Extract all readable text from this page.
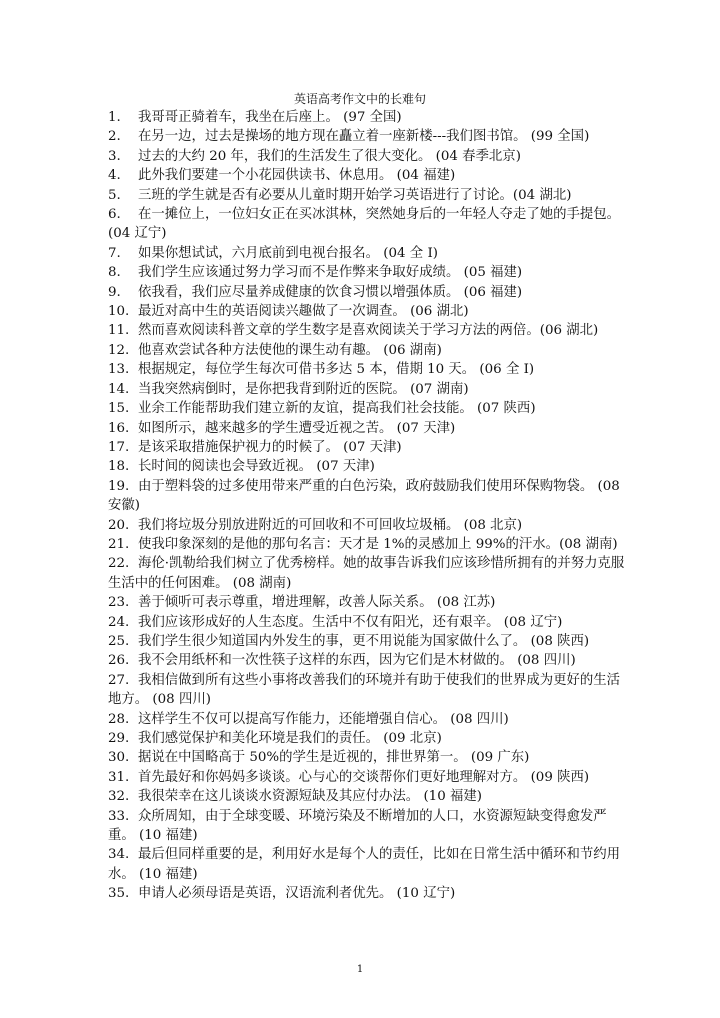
英语高考作文中的长难句
1. 我哥哥正骑着车，我坐在后座上。 (97 全国)
2. 在另一边，过去是操场的地方现在矗立着一座新楼---我们图书馆。 (99 全国)
3. 过去的大约 20 年，我们的生活发生了很大变化。 (04 春季北京)
4. 此外我们要建一个小花园供读书、休息用。 (04 福建)
5. 三班的学生就是否有必要从儿童时期开始学习英语进行了讨论。(04 湖北)
6. 在一摊位上，一位妇女正在买冰淇林，突然她身后的一年轻人夺走了她的手提包。(04 辽宁)
7. 如果你想试试，六月底前到电视台报名。 (04 全 I)
8. 我们学生应该通过努力学习而不是作弊来争取好成绩。 (05 福建)
9. 依我看，我们应尽量养成健康的饮食习惯以增强体质。 (06 福建)
10. 最近对高中生的英语阅读兴趣做了一次调查。 (06 湖北)
11. 然而喜欢阅读科普文章的学生数字是喜欢阅读关于学习方法的两倍。(06 湖北)
12. 他喜欢尝试各种方法使他的课生动有趣。 (06 湖南)
13. 根据规定，每位学生每次可借书多达 5 本，借期 10 天。 (06 全 I)
14. 当我突然病倒时，是你把我背到附近的医院。 (07 湖南)
15. 业余工作能帮助我们建立新的友谊，提高我们社会技能。 (07 陕西)
16. 如图所示，越来越多的学生遭受近视之苦。 (07 天津)
17. 是该采取措施保护视力的时候了。 (07 天津)
18. 长时间的阅读也会导致近视。 (07 天津)
19. 由于塑料袋的过多使用带来严重的白色污染，政府鼓励我们使用环保购物袋。 (08 安徽)
20. 我们将垃圾分别放进附近的可回收和不可回收垃圾桶。 (08 北京)
21. 使我印象深刻的是他的那句名言：天才是 1%的灵感加上 99%的汗水。(08 湖南)
22. 海伦·凯勒给我们树立了优秀榜样。她的故事告诉我们应该珍惜所拥有的并努力克服生活中的任何困难。 (08 湖南)
23. 善于倾听可表示尊重，增进理解，改善人际关系。 (08 江苏)
24. 我们应该形成好的人生态度。生活中不仅有阳光，还有艰辛。 (08 辽宁)
25. 我们学生很少知道国内外发生的事，更不用说能为国家做什么了。 (08 陕西)
26. 我不会用纸杯和一次性筷子这样的东西，因为它们是木材做的。 (08 四川)
27. 我相信做到所有这些小事将改善我们的环境并有助于使我们的世界成为更好的生活地方。 (08 四川)
28. 这样学生不仅可以提高写作能力，还能增强自信心。 (08 四川)
29. 我们感觉保护和美化环境是我们的责任。 (09 北京)
30. 据说在中国略高于 50%的学生是近视的，排世界第一。 (09 广东)
31. 首先最好和你妈妈多谈谈。心与心的交谈帮你们更好地理解对方。 (09 陕西)
32. 我很荣幸在这儿谈谈水资源短缺及其应付办法。 (10 福建)
33. 众所周知，由于全球变暖、环境污染及不断增加的人口，水资源短缺变得愈发严重。 (10 福建)
34. 最后但同样重要的是，利用好水是每个人的责任，比如在日常生活中循环和节约用水。 (10 福建)
35. 申请人必须母语是英语，汉语流利者优先。 (10 辽宁)
1
